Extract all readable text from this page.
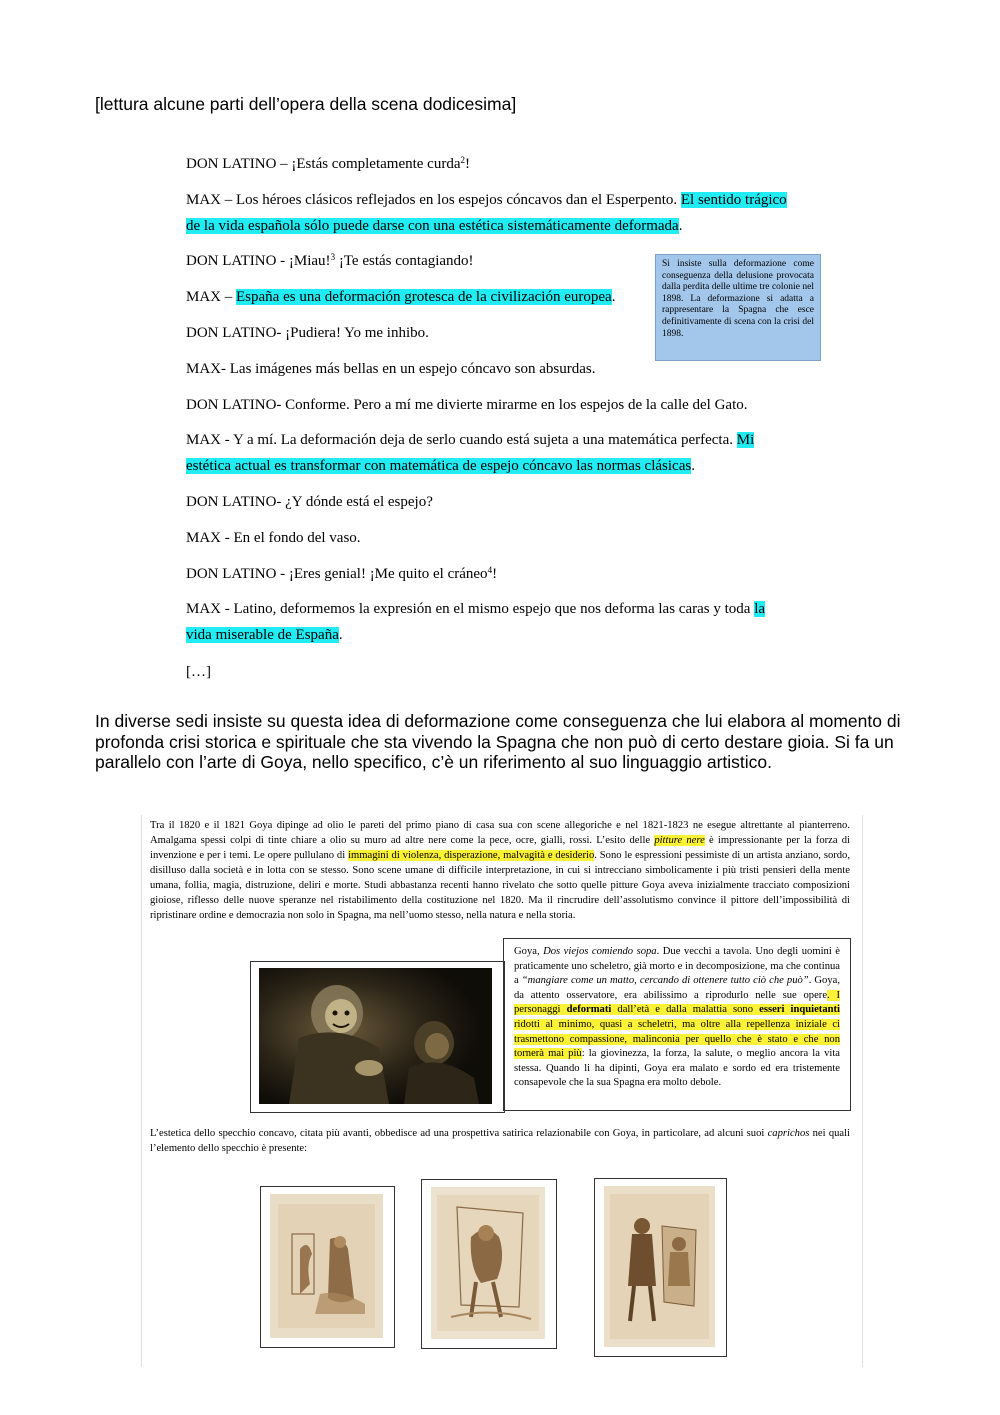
[lettura alcune parti dell’opera della scena dodicesima]

DON LATINO – ¡Estás completamente curda$^2$!

MAX – Los héroes clásicos reflejados en los espejos cóncavos dan el Esperpento. El sentido trágico de la vida española sólo puede darse con una estética sistemáticamente deformada.

DON LATINO - ¡Miau!$^3$ ¡Te estás contagiando!

MAX – España es una deformación grotesca de la civilización europea.

DON LATINO- ¡Pudiera! Yo me inhibo.
MAX- Las imágenes más bellas en un espejo cóncavo son absurdas.
DON LATINO- Conforme. Pero a mí me divierte mirarme en los espejos de la calle del Gato.

MAX - Y a mí. La deformación deja de serlo cuando está sujeta a una matemática perfecta. Mi estética actual es transformar con matemática de espejo cóncavo las normas clásicas.

DON LATINO- ¿Y dónde está el espejo?
MAX - En el fondo del vaso.

DON LATINO - ¡Eres genial! ¡Me quito el cráneo$^4$!

MAX - Latino, deformemos la expresión en el mismo espejo que nos deforma las caras y toda la vida miserable de España.

[…]
Si insiste sulla deformazione come conseguenza della delusione provocata dalla perdita delle ultime tre colonie nel 1898. La deformazione si adatta a rappresentare la Spagna che esce definitivamente di scena con la crisi del 1898.
In diverse sedi insiste su questa idea di deformazione come conseguenza che lui elabora al momento di profonda crisi storica e spirituale che sta vivendo la Spagna che non può di certo destare gioia. Si fa un parallelo con l’arte di Goya, nello specifico, c’è un riferimento al suo linguaggio artistico.
Tra il 1820 e il 1821 Goya dipinge ad olio le pareti del primo piano di casa sua con scene allegoriche e nel 1821-1823 ne esegue altrettante al pianterreno. Amalgama spessi colpi di tinte chiare a olio su muro ad altre nere come la pece, ocre, gialli, rossi. L’esito delle pitture nere è impressionante per la forza di invenzione e per i temi. Le opere pullulano di immagini di violenza, disperazione, malvagità e desiderio. Sono le espressioni pessimiste di un artista anziano, sordo, disilluso dalla società e in lotta con se stesso. Sono scene umane di difficile interpretazione, in cui si intrecciano simbolicamente i più tristi pensieri della mente umana, follia, magia, distruzione, deliri e morte. Studi abbastanza recenti hanno rivelato che sotto quelle pitture Goya aveva inizialmente tracciato composizioni gioiose, riflesso delle nuove speranze nel ristabilimento della costituzione nel 1820. Ma il rincrudire dell’assolutismo convince il pittore dell’impossibilità di ripristinare ordine e democrazia non solo in Spagna, ma nell’uomo stesso, nella natura e nella storia.
Goya, Dos viejos comiendo sopa. Due vecchi a tavola. Uno degli uomini è praticamente uno scheletro, già morto e in decomposizione, ma che continua a “mangiare come un matto, cercando di ottenere tutto ciò che può”. Goya, da attento osservatore, era abilissimo a riprodurlo nelle sue opere. I personaggi deformati dall’età e dalla malattia sono esseri inquietanti ridotti al minimo, quasi a scheletri, ma oltre alla repellenza iniziale ci trasmettono compassione, malinconia per quello che è stato e che non tornerà mai più: la giovinezza, la forza, la salute, o meglio ancora la vita stessa. Quando li ha dipinti, Goya era malato e sordo ed era tristemente consapevole che la sua Spagna era molto debole.
L’estetica dello specchio concavo, citata più avanti, obbedisce ad una prospettiva satirica relazionabile con Goya, in particolare, ad alcuni suoi caprichos nei quali l’elemento dello specchio è presente:
